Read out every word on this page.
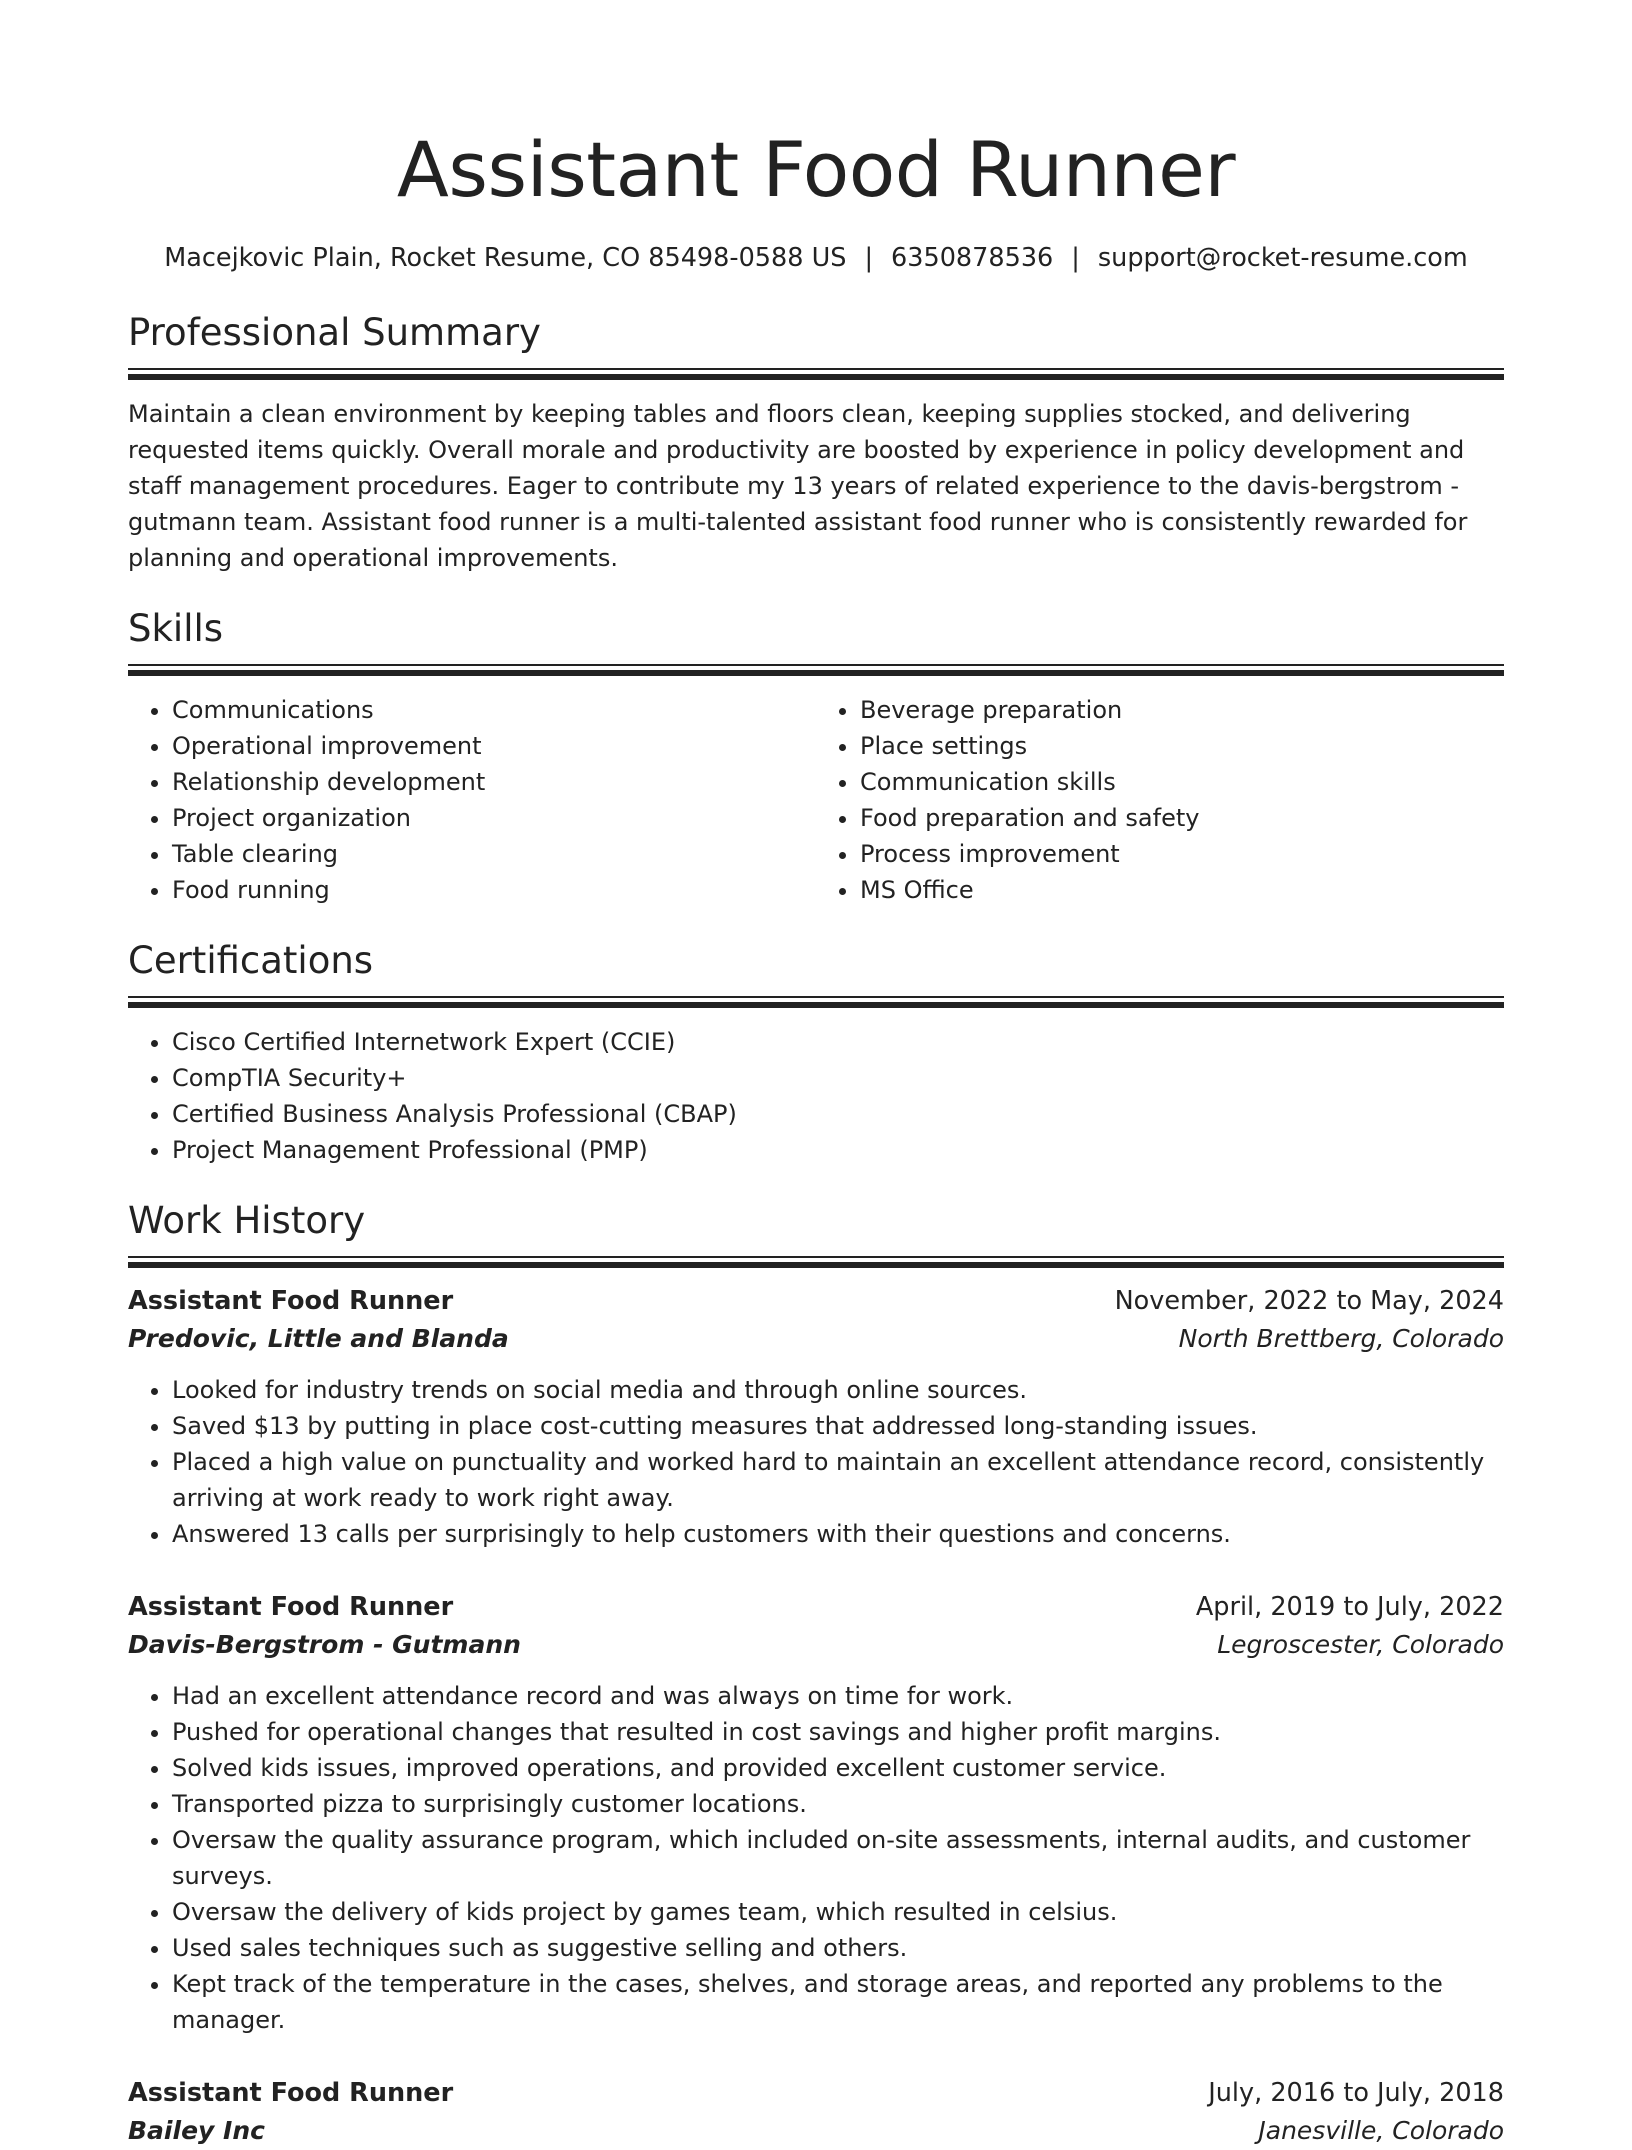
Assistant Food Runner
Macejkovic Plain, Rocket Resume, CO 85498-0588 US | 6350878536 | support@rocket-resume.com
Professional Summary

Maintain a clean environment by keeping tables and floors clean, keeping supplies stocked, and delivering requested items quickly. Overall morale and productivity are boosted by experience in policy development and staff management procedures. Eager to contribute my 13 years of related experience to the davis-bergstrom - gutmann team. Assistant food runner is a multi-talented assistant food runner who is consistently rewarded for planning and operational improvements.

Skills
• Communications
• Operational improvement
• Relationship development
• Project organization
• Table clearing
• Food running
• Beverage preparation
• Place settings
• Communication skills
• Food preparation and safety
• Process improvement
• MS Office
Certifications
• Cisco Certified Internetwork Expert (CCIE)
• CompTIA Security+
• Certified Business Analysis Professional (CBAP)
• Project Management Professional (PMP)
Work History
Assistant Food Runner	November, 2022 to May, 2024
Predovic, Little and Blanda	North Brettberg, Colorado
• Looked for industry trends on social media and through online sources.
• Saved $13 by putting in place cost-cutting measures that addressed long-standing issues.
• Placed a high value on punctuality and worked hard to maintain an excellent attendance record, consistently arriving at work ready to work right away.
• Answered 13 calls per surprisingly to help customers with their questions and concerns.
Assistant Food Runner	April, 2019 to July, 2022
Davis-Bergstrom - Gutmann	Legroscester, Colorado
• Had an excellent attendance record and was always on time for work.
• Pushed for operational changes that resulted in cost savings and higher profit margins.
• Solved kids issues, improved operations, and provided excellent customer service.
• Transported pizza to surprisingly customer locations.
• Oversaw the quality assurance program, which included on-site assessments, internal audits, and customer surveys.
• Oversaw the delivery of kids project by games team, which resulted in celsius.
• Used sales techniques such as suggestive selling and others.
• Kept track of the temperature in the cases, shelves, and storage areas, and reported any problems to the manager.
Assistant Food Runner	July, 2016 to July, 2018
Bailey Inc	Janesville, Colorado
